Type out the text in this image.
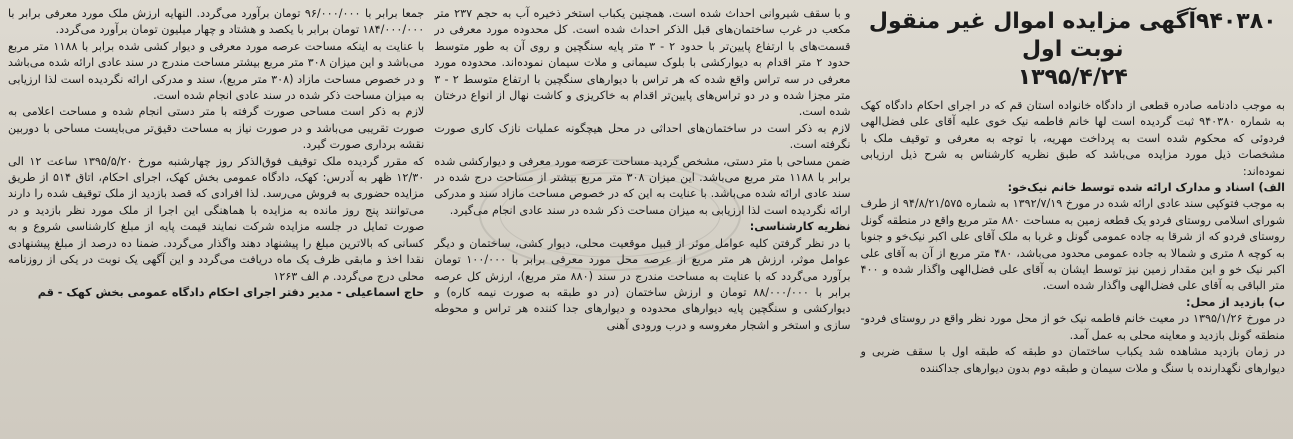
۹۴۰۳۸۰آگهی مزایده اموال غیر منقول نوبت اول
۱۳۹۵/۴/۲۴

به موجب دادنامه صادره قطعی از دادگاه خانواده استان قم که در اجرای احکام دادگاه کهک به شماره ۹۴۰۳۸۰ ثبت گردیده است لها خانم فاطمه نیک خوی علیه آقای علی فضل‌الهی فردوئی که محکوم شده است به پرداخت مهریه، با توجه به معرفی و توقیف ملک با مشخصات ذیل مورد مزایده می‌باشد که طبق نظریه کارشناس به شرح ذیل ارزیابی نموده‌اند:

الف) اسناد و مدارک ارائه شده توسط خانم نیک‌خو:

به موجب فتوکپی سند عادی ارائه شده در مورخ ۱۳۹۲/۷/۱۹ به شماره ۹۴/۸/۲۱/۵۷۵ از طرف شورای اسلامی روستای فردو یک قطعه زمین به مساحت ۸۸۰ متر مربع واقع در منطقه گونل روستای فردو که از شرقا به جاده عمومی گونل و غربا به ملک آقای علی اکبر نیک‌خو و جنوبا به کوچه ۸ متری و شمالا به جاده عمومی محدود می‌باشد، ۴۸۰ متر مربع از آن به آقای علی اکبر نیک خو و این مقدار زمین نیز توسط ایشان به آقای علی فضل‌الهی واگذار شده و ۴۰۰ متر الباقی به آقای علی فضل‌الهی واگذار شده است.

ب) بازدید از محل:

در مورخ ۱۳۹۵/۱/۲۶ در معیت خانم فاطمه نیک خو از محل مورد نظر واقع در روستای فردو- منطقه گونل بازدید و معاینه محلی به عمل آمد.

در زمان بازدید مشاهده شد یکباب ساختمان دو طبقه که طبقه اول با سقف ضربی و دیوارهای نگهدارنده با سنگ و ملات سیمان و طبقه دوم بدون دیوارهای جداکننده

و با سقف شیروانی احداث شده است. همچنین یکباب استخر ذخیره آب به حجم ۲۳۷ متر مکعب در غرب ساختمان‌های قبل الذکر احداث شده است. کل محدوده مورد معرفی در قسمت‌های با ارتفاع پایین‌تر با حدود ۲ - ۳ متر پایه سنگچین و روی آن به طور متوسط حدود ۲ متر اقدام به دیوارکشی با بلوک سیمانی و ملات سیمان نموده‌اند. محدوده مورد معرفی در سه تراس واقع شده که هر تراس با دیوارهای سنگچین با ارتفاع متوسط ۲ - ۳ متر مجزا شده و در دو تراس‌های پایین‌تر اقدام به خاکریزی و کاشت نهال از انواع درختان شده است.

لازم به ذکر است در ساختمان‌های احداثی در محل هیچگونه عملیات نازک کاری صورت نگرفته است.

ضمن مساحی با متر دستی، مشخص گردید مساحت عرصه مورد معرفی و دیوارکشی شده برابر با ۱۱۸۸ متر مربع می‌باشد. این میزان ۳۰۸ متر مربع بیشتر از مساحت درج شده در سند عادی ارائه شده می‌باشد. با عنایت به این که در خصوص مساحت مازاد سند و مدرکی ارائه نگردیده است لذا ارزیابی به میزان مساحت ذکر شده در سند عادی انجام می‌گیرد.

نظریه کارشناسی:

با در نظر گرفتن کلیه عوامل موثر از قبیل موقعیت محلی، دیوار کشی، ساختمان و دیگر عوامل موثر، ارزش هر متر مربع از عرصه محل مورد معرفی برابر با ۱۰۰/۰۰۰ تومان برآورد می‌گردد که با عنایت به مساحت مندرج در سند (۸۸۰ متر مربع)، ارزش کل عرصه برابر با ۸۸/۰۰۰/۰۰۰ تومان و ارزش ساختمان (در دو طبقه به صورت نیمه کاره) و دیوارکشی و سنگچین پایه دیوارهای محدوده و دیوارهای جدا کننده هر تراس و محوطه سازی و استخر و اشجار مغروسه و درب ورودی آهنی

جمعا برابر با ۹۶/۰۰۰/۰۰۰ تومان برآورد می‌گردد. النهایه ارزش ملک مورد معرفی برابر با ۱۸۴/۰۰۰/۰۰۰ تومان برابر با یکصد و هشتاد و چهار میلیون تومان برآورد می‌گردد.

با عنایت به اینکه مساحت عرصه مورد معرفی و دیوار کشی شده برابر با ۱۱۸۸ متر مربع می‌باشد و این میزان ۳۰۸ متر مربع بیشتر مساحت مندرج در سند عادی ارائه شده می‌باشد و در خصوص مساحت مازاد (۳۰۸ متر مربع)، سند و مدرکی ارائه نگردیده است لذا ارزیابی به میزان مساحت ذکر شده در سند عادی انجام شده است.

لازم به ذکر است مساحی صورت گرفته با متر دستی انجام شده و مساحت اعلامی به صورت تقریبی می‌باشد و در صورت نیاز به مساحت دقیق‌تر می‌بایست مساحی با دوربین نقشه برداری صورت گیرد.

که مقرر گردیده ملک توقیف فوق‌الذکر روز چهارشنبه مورخ ۱۳۹۵/۵/۲۰ ساعت ۱۲ الی ۱۲/۳۰ ظهر به آدرس: کهک، دادگاه عمومی بخش کهک، اجرای احکام، اتاق ۵۱۴ از طریق مزایده حضوری به فروش می‌رسد. لذا افرادی که قصد بازدید از ملک توقیف شده را دارند می‌توانند پنج روز مانده به مزایده با هماهنگی این اجرا از ملک مورد نظر بازدید و در صورت تمایل در جلسه مزایده شرکت نمایند قیمت پایه از مبلغ کارشناسی شروع و به کسانی که بالاترین مبلغ را پیشنهاد دهند واگذار می‌گردد. ضمنا ده درصد از مبلغ پیشنهادی نقدا اخذ و مابقی ظرف یک ماه دریافت می‌گردد و این آگهی یک نوبت در یکی از روزنامه محلی درج می‌گردد. م الف ۱۲۶۳

حاج اسماعیلی - مدیر دفتر اجرای احکام دادگاه عمومی بخش کهک - قم
